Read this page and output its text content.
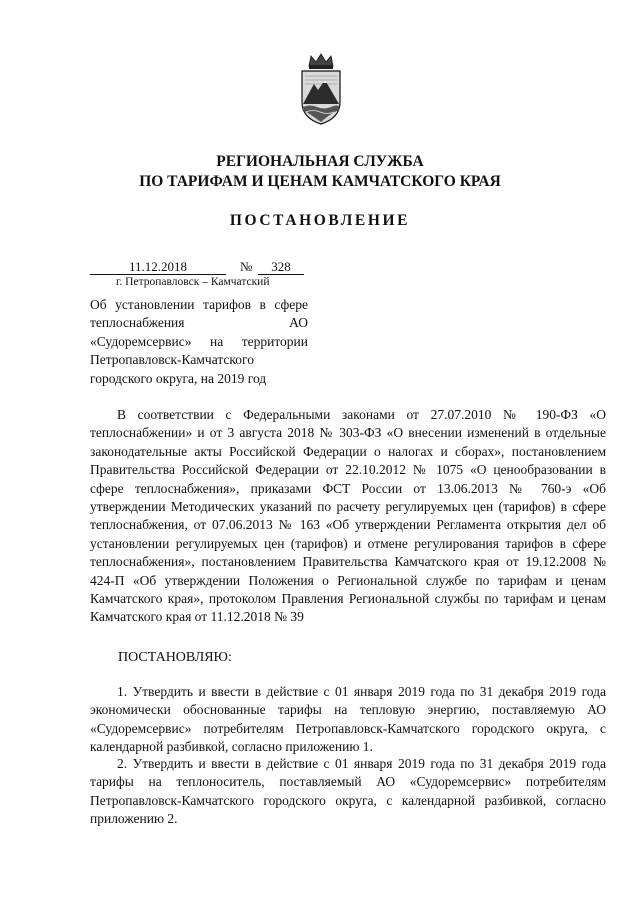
РЕГИОНАЛЬНАЯ СЛУЖБА
ПО ТАРИФАМ И ЦЕНАМ КАМЧАТСКОГО КРАЯ
ПОСТАНОВЛЕНИЕ
11.12.2018	№	328
г. Петропавловск – Камчатский
Об установлении тарифов в сфере теплоснабжения АО «Судоремсервис» на территории Петропавловск-Камчатского городского округа, на 2019 год

В соответствии с Федеральными законами от 27.07.2010 № 190-ФЗ «О теплоснабжении» и от 3 августа 2018 № 303-ФЗ «О внесении изменений в отдельные законодательные акты Российской Федерации о налогах и сборах», постановлением Правительства Российской Федерации от 22.10.2012 № 1075 «О ценообразовании в сфере теплоснабжения», приказами ФСТ России от 13.06.2013 № 760-э «Об утверждении Методических указаний по расчету регулируемых цен (тарифов) в сфере теплоснабжения, от 07.06.2013 № 163 «Об утверждении Регламента открытия дел об установлении регулируемых цен (тарифов) и отмене регулирования тарифов в сфере теплоснабжения», постановлением Правительства Камчатского края от 19.12.2008 № 424-П «Об утверждении Положения о Региональной службе по тарифам и ценам Камчатского края», протоколом Правления Региональной службы по тарифам и ценам Камчатского края от 11.12.2018 № 39

ПОСТАНОВЛЯЮ:

1. Утвердить и ввести в действие с 01 января 2019 года по 31 декабря 2019 года экономически обоснованные тарифы на тепловую энергию, поставляемую АО «Судоремсервис» потребителям Петропавловск-Камчатского городского округа, с календарной разбивкой, согласно приложению 1.

2. Утвердить и ввести в действие с 01 января 2019 года по 31 декабря 2019 года тарифы на теплоноситель, поставляемый АО «Судоремсервис» потребителям Петропавловск-Камчатского городского округа, с календарной разбивкой, согласно приложению 2.
